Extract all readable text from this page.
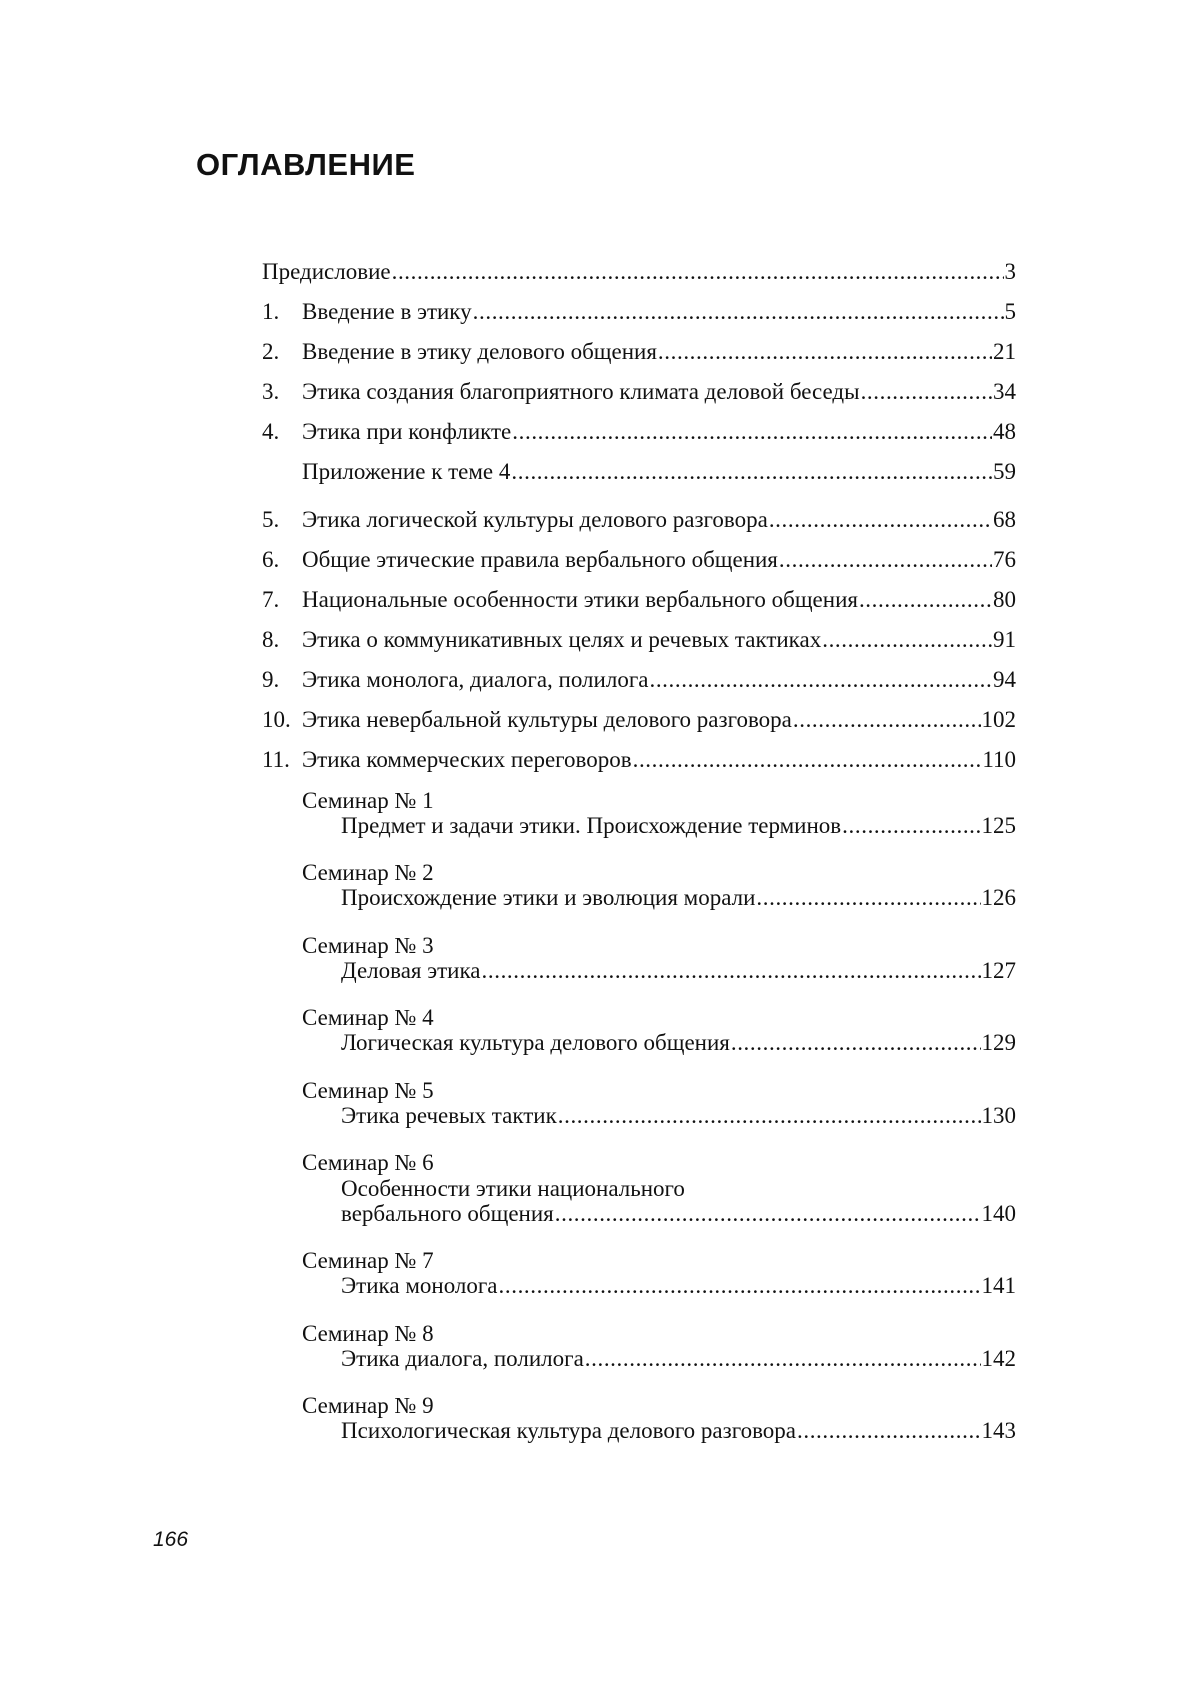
ОГЛАВЛЕНИЕ
Предисловие .....	3
1. Введение в этику .....	5
2. Введение в этику делового общения .....	21
3. Этика создания благоприятного климата деловой беседы .....	34
4. Этика при конфликте .....	48
Приложение к теме 4 .....	59
5. Этика логической культуры делового разговора .....	68
6. Общие этические правила вербального общения .....	76
7. Национальные особенности этики вербального общения .....	80
8. Этика о коммуникативных целях и речевых тактиках .....	91
9. Этика монолога, диалога, полилога .....	94
10. Этика невербальной культуры делового разговора .....	102
11. Этика коммерческих переговоров .....	110
Семинар № 1
Предмет и задачи этики. Происхождение терминов .....	125
Семинар № 2
Происхождение этики и эволюция морали .....	126
Семинар № 3
Деловая этика .....	127
Семинар № 4
Логическая культура делового общения .....	129
Семинар № 5
Этика речевых тактик .....	130
Семинар № 6
Особенности этики национального
вербального общения .....	140
Семинар № 7
Этика монолога .....	141
Семинар № 8
Этика диалога, полилога .....	142
Семинар № 9
Психологическая культура делового разговора .....	143
166
